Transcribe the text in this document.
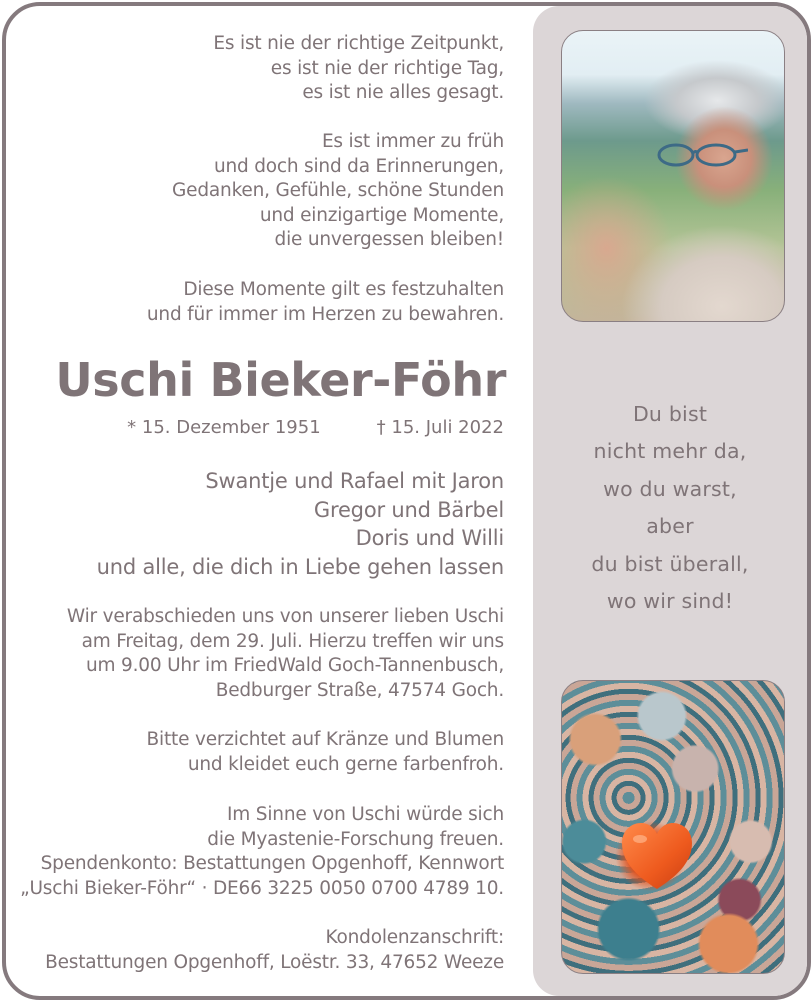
Es ist nie der richtige Zeitpunkt,
es ist nie der richtige Tag,
es ist nie alles gesagt.
Es ist immer zu früh
und doch sind da Erinnerungen,
Gedanken, Gefühle, schöne Stunden
und einzigartige Momente,
die unvergessen bleiben!
Diese Momente gilt es festzuhalten
und für immer im Herzen zu bewahren.
Uschi Bieker-Föhr
* 15. Dezember 1951	† 15. Juli 2022
Swantje und Rafael mit Jaron
Gregor und Bärbel
Doris und Willi
und alle, die dich in Liebe gehen lassen
Wir verabschieden uns von unserer lieben Uschi
am Freitag, dem 29. Juli. Hierzu treffen wir uns
um 9.00 Uhr im FriedWald Goch-Tannenbusch,
Bedburger Straße, 47574 Goch.
Bitte verzichtet auf Kränze und Blumen
und kleidet euch gerne farbenfroh.
Im Sinne von Uschi würde sich
die Myastenie-Forschung freuen.
Spendenkonto: Bestattungen Opgenhoff, Kennwort
„Uschi Bieker-Föhr“ · DE66 3225 0050 0700 4789 10.
Kondolenzanschrift:
Bestattungen Opgenhoff, Loëstr. 33, 47652 Weeze
Du bist
nicht mehr da,
wo du warst,
aber
du bist überall,
wo wir sind!
